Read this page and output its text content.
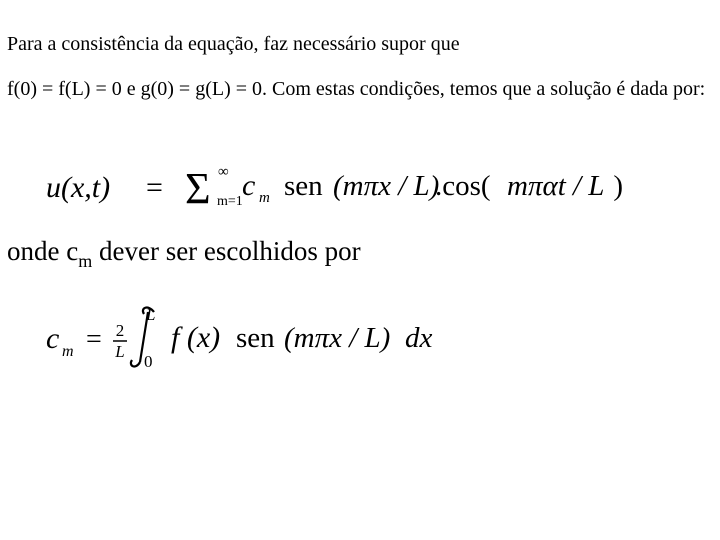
Para a consistência da equação, faz necessário supor que
f(0) = f(L) = 0 e g(0) = g(L) = 0. Com estas condições, temos que a solução é dada por:
u(x,t) = Σ ∞
m=1 c m sen (mπx / L)
.cos( mπαt / L )
onde $c_m$ dever ser escolhidos por
c m = 2
L
L
0
f (x) sen (mπx / L) dx
